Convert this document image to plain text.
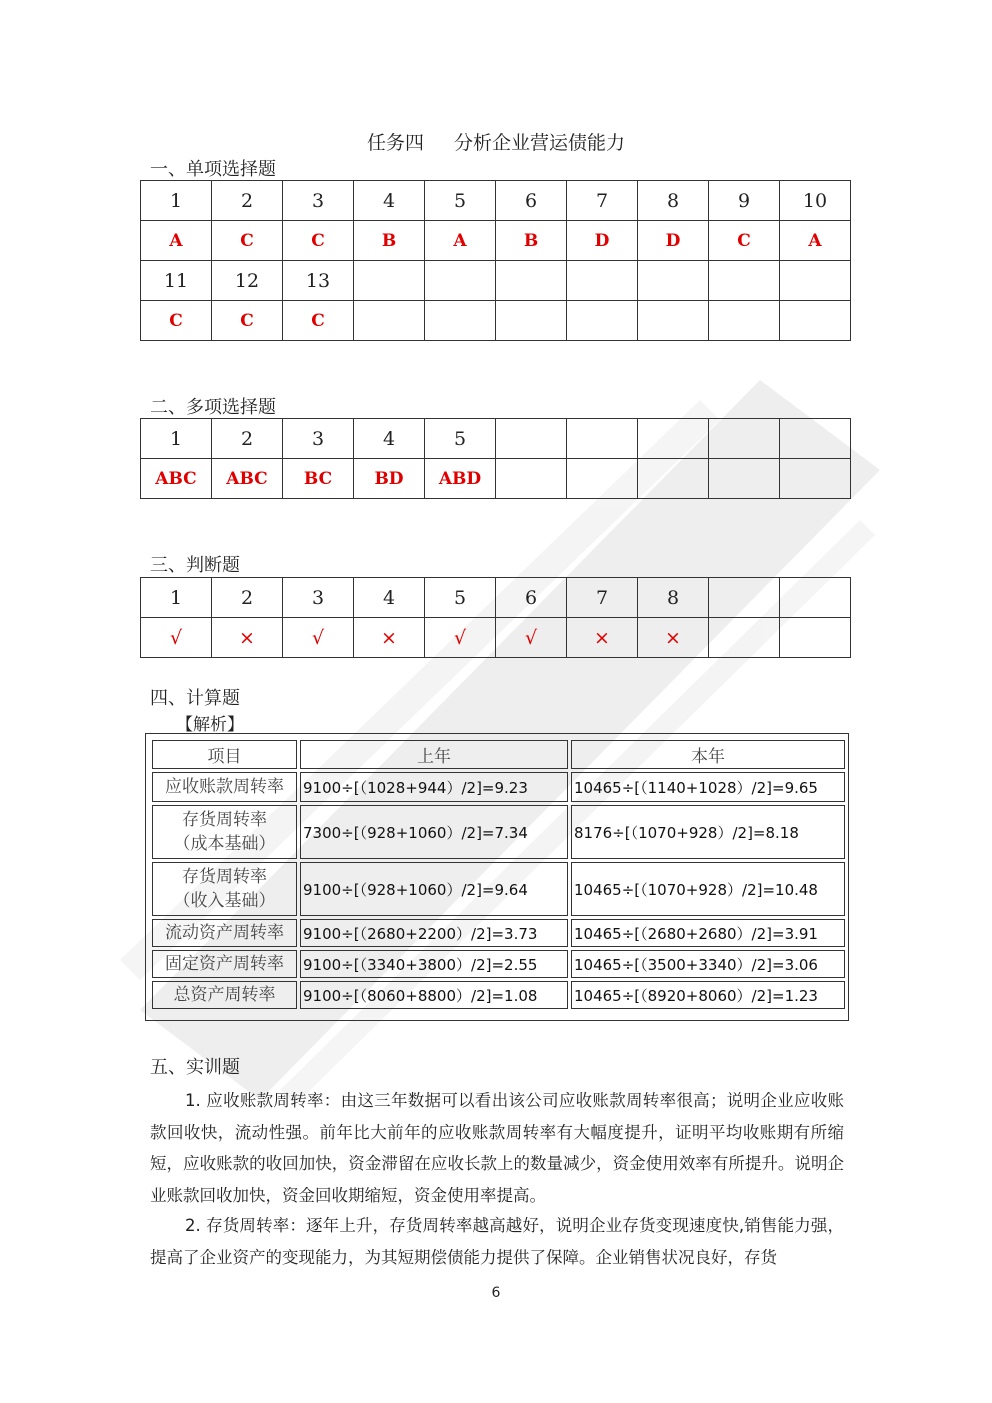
任务四 分析企业营运债能力
一、单项选择题
1	2	3	4	5	6	7	8	9	10
A	C	C	B	A	B	D	D	C	A
11	12	13							
C	C	C							
二、多项选择题
1	2	3	4	5					
ABC	ABC	BC	BD	ABD					
三、判断题
1	2	3	4	5	6	7	8		
√	×	√	×	√	√	×	×		
四、计算题
【解析】
项目	上年	本年

应收账款周转率	9100÷[（1028+944）/2]=9.23	10465÷[（1140+1028）/2]=9.65

存货周转率
（成本基础）	7300÷[（928+1060）/2]=7.34	8176÷[（1070+928）/2]=8.18

存货周转率
（收入基础）	9100÷[（928+1060）/2]=9.64	10465÷[（1070+928）/2]=10.48

流动资产周转率	9100÷[（2680+2200）/2]=3.73	10465÷[（2680+2680）/2]=3.91

固定资产周转率	9100÷[（3340+3800）/2]=2.55	10465÷[（3500+3340）/2]=3.06

总资产周转率	9100÷[（8060+8800）/2]=1.08	10465÷[（8920+8060）/2]=1.23
五、实训题
1. 应收账款周转率：由这三年数据可以看出该公司应收账款周转率很高；说明企业应收账款回收快，流动性强。前年比大前年的应收账款周转率有大幅度提升，证明平均收账期有所缩短，应收账款的收回加快，资金滞留在应收长款上的数量减少，资金使用效率有所提升。说明企业账款回收加快，资金回收期缩短，资金使用率提高。
2. 存货周转率：逐年上升，存货周转率越高越好，说明企业存货变现速度快,销售能力强，提高了企业资产的变现能力，为其短期偿债能力提供了保障。企业销售状况良好，存货
6
